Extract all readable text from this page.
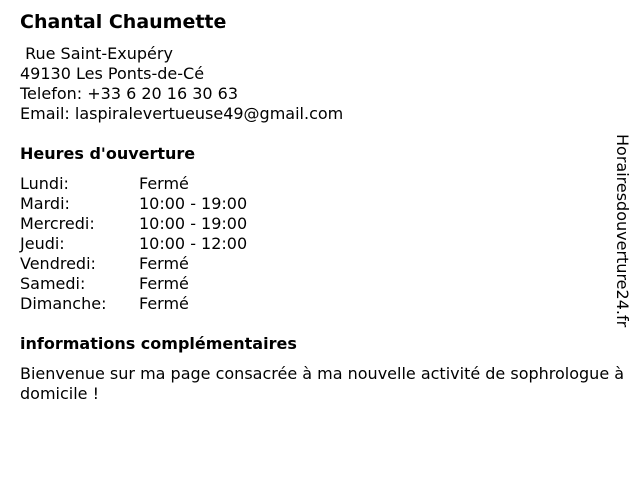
Chantal Chaumette
Rue Saint-Exupéry
49130 Les Ponts-de-Cé
Telefon: +33 6 20 16 30 63
Email: laspiralevertueuse49@gmail.com
Heures d'ouverture
Lundi:	Fermé
Mardi:	10:00 - 19:00
Mercredi:	10:00 - 19:00
Jeudi:	10:00 - 12:00
Vendredi:	Fermé
Samedi:	Fermé
Dimanche:	Fermé
informations complémentaires
Bienvenue sur ma page consacrée à ma nouvelle activité de sophrologue à domicile !
Horairesdouverture24.fr
